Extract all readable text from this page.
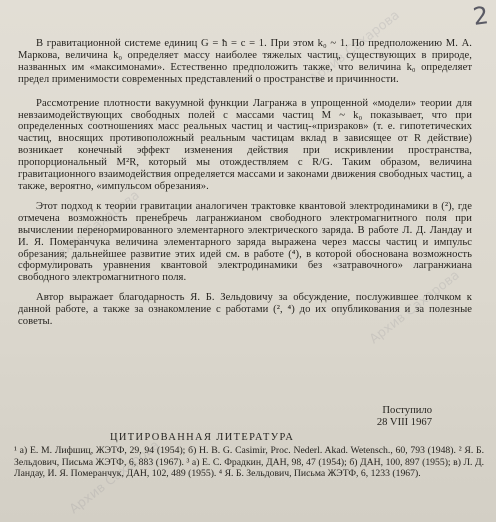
Архив Сахарова
Архив Сахарова
Архив Сахарова
Архив Сахарова
2

В гравитационной системе единиц G = ħ = c = 1. При этом k₀ ~ 1. По предположению М. А. Маркова, величина k₀ определяет массу наиболее тяжелых частиц, существующих в природе, названных им «максимонами». Естественно предположить также, что величина k₀ определяет предел применимости современных представлений о пространстве и причинности.

Рассмотрение плотности вакуумной функции Лагранжа в упрощенной «модели» теории для невзаимодействующих свободных полей с массами частиц M ~ k₀ показывает, что при определенных соотношениях масс реальных частиц и частиц-«призраков» (т. е. гипотетических частиц, вносящих противоположный реальным частицам вклад в зависящее от R действие) возникает конечный эффект изменения действия при искривлении пространства, пропорциональный M²R, который мы отождествляем с R/G. Таким образом, величина гравитационного взаимодействия определяется массами и законами движения свободных частиц, а также, вероятно, «импульсом обрезания».

Этот подход к теории гравитации аналогичен трактовке квантовой электродинамики в (²), где отмечена возможность пренебречь лагранжианом свободного электромагнитного поля при вычислении перенормированного элементарного электрического заряда. В работе Л. Д. Ландау и И. Я. Померанчука величина элементарного заряда выражена через массы частиц и импульс обрезания; дальнейшее развитие этих идей см. в работе (⁴), в которой обоснована возможность сформулировать уравнения квантовой электродинамики без «затравочного» лагранжиана свободного электромагнитного поля.

Автор выражает благодарность Я. Б. Зельдовичу за обсуждение, послужившее толчком к данной работе, а также за ознакомление с работами (², ⁴) до их опубликования и за полезные советы.

Поступило
28 VIII 1967
ЦИТИРОВАННАЯ ЛИТЕРАТУРА

¹ а) Е. М. Лифшиц, ЖЭТФ, 29, 94 (1954); б) H. B. G. Casimir, Proc. Nederl. Akad. Wetensch., 60, 793 (1948). ² Я. Б. Зельдович, Письма ЖЭТФ, 6, 883 (1967). ³ а) Е. С. Фрадкин, ДАН, 98, 47 (1954); б) ДАН, 100, 897 (1955); в) Л. Д. Ландау, И. Я. Померанчук, ДАН, 102, 489 (1955). ⁴ Я. Б. Зельдович, Письма ЖЭТФ, 6, 1233 (1967).
